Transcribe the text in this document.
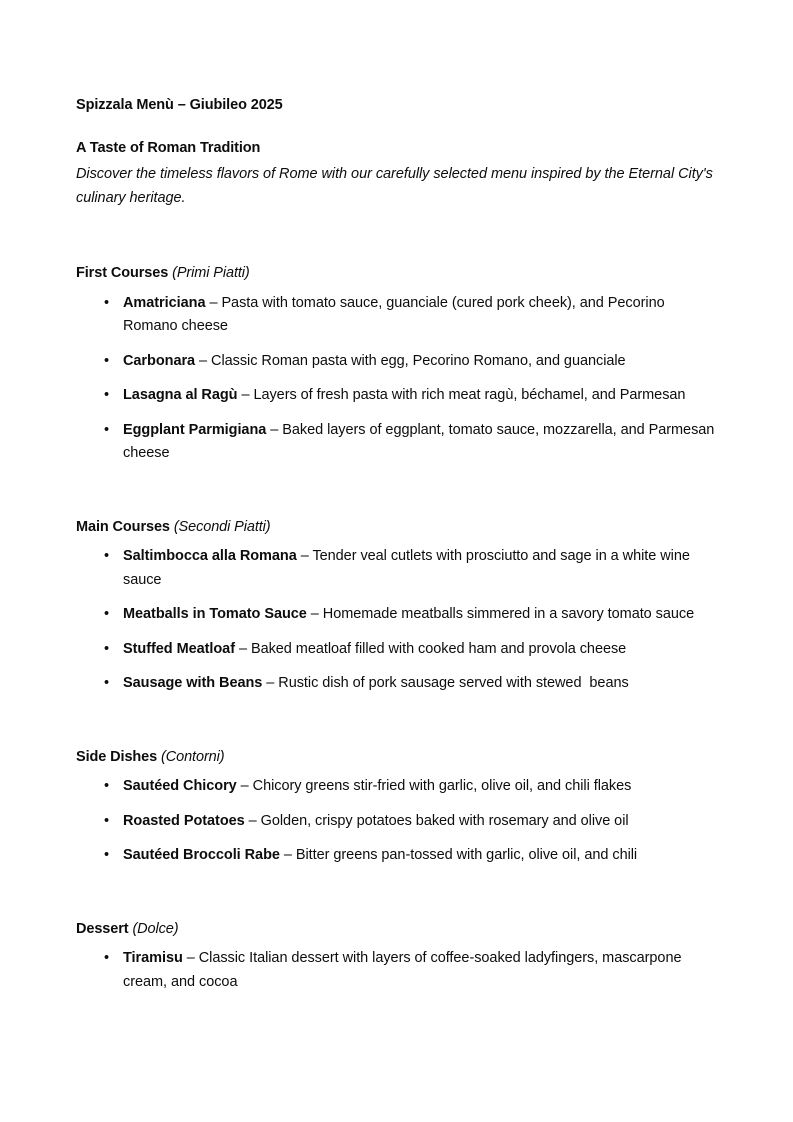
Spizzala Menù – Giubileo 2025
A Taste of Roman Tradition

Discover the timeless flavors of Rome with our carefully selected menu inspired by the Eternal City's culinary heritage.

First Courses (Primi Piatti)
• Amatriciana – Pasta with tomato sauce, guanciale (cured pork cheek), and Pecorino Romano cheese
• Carbonara – Classic Roman pasta with egg, Pecorino Romano, and guanciale
• Lasagna al Ragù – Layers of fresh pasta with rich meat ragù, béchamel, and Parmesan
• Eggplant Parmigiana – Baked layers of eggplant, tomato sauce, mozzarella, and Parmesan cheese
Main Courses (Secondi Piatti)
• Saltimbocca alla Romana – Tender veal cutlets with prosciutto and sage in a white wine sauce
• Meatballs in Tomato Sauce – Homemade meatballs simmered in a savory tomato sauce
• Stuffed Meatloaf – Baked meatloaf filled with cooked ham and provola cheese
• Sausage with Beans – Rustic dish of pork sausage served with stewed  beans
Side Dishes (Contorni)
• Sautéed Chicory – Chicory greens stir-fried with garlic, olive oil, and chili flakes
• Roasted Potatoes – Golden, crispy potatoes baked with rosemary and olive oil
• Sautéed Broccoli Rabe – Bitter greens pan-tossed with garlic, olive oil, and chili
Dessert (Dolce)
• Tiramisu – Classic Italian dessert with layers of coffee-soaked ladyfingers, mascarpone cream, and cocoa
